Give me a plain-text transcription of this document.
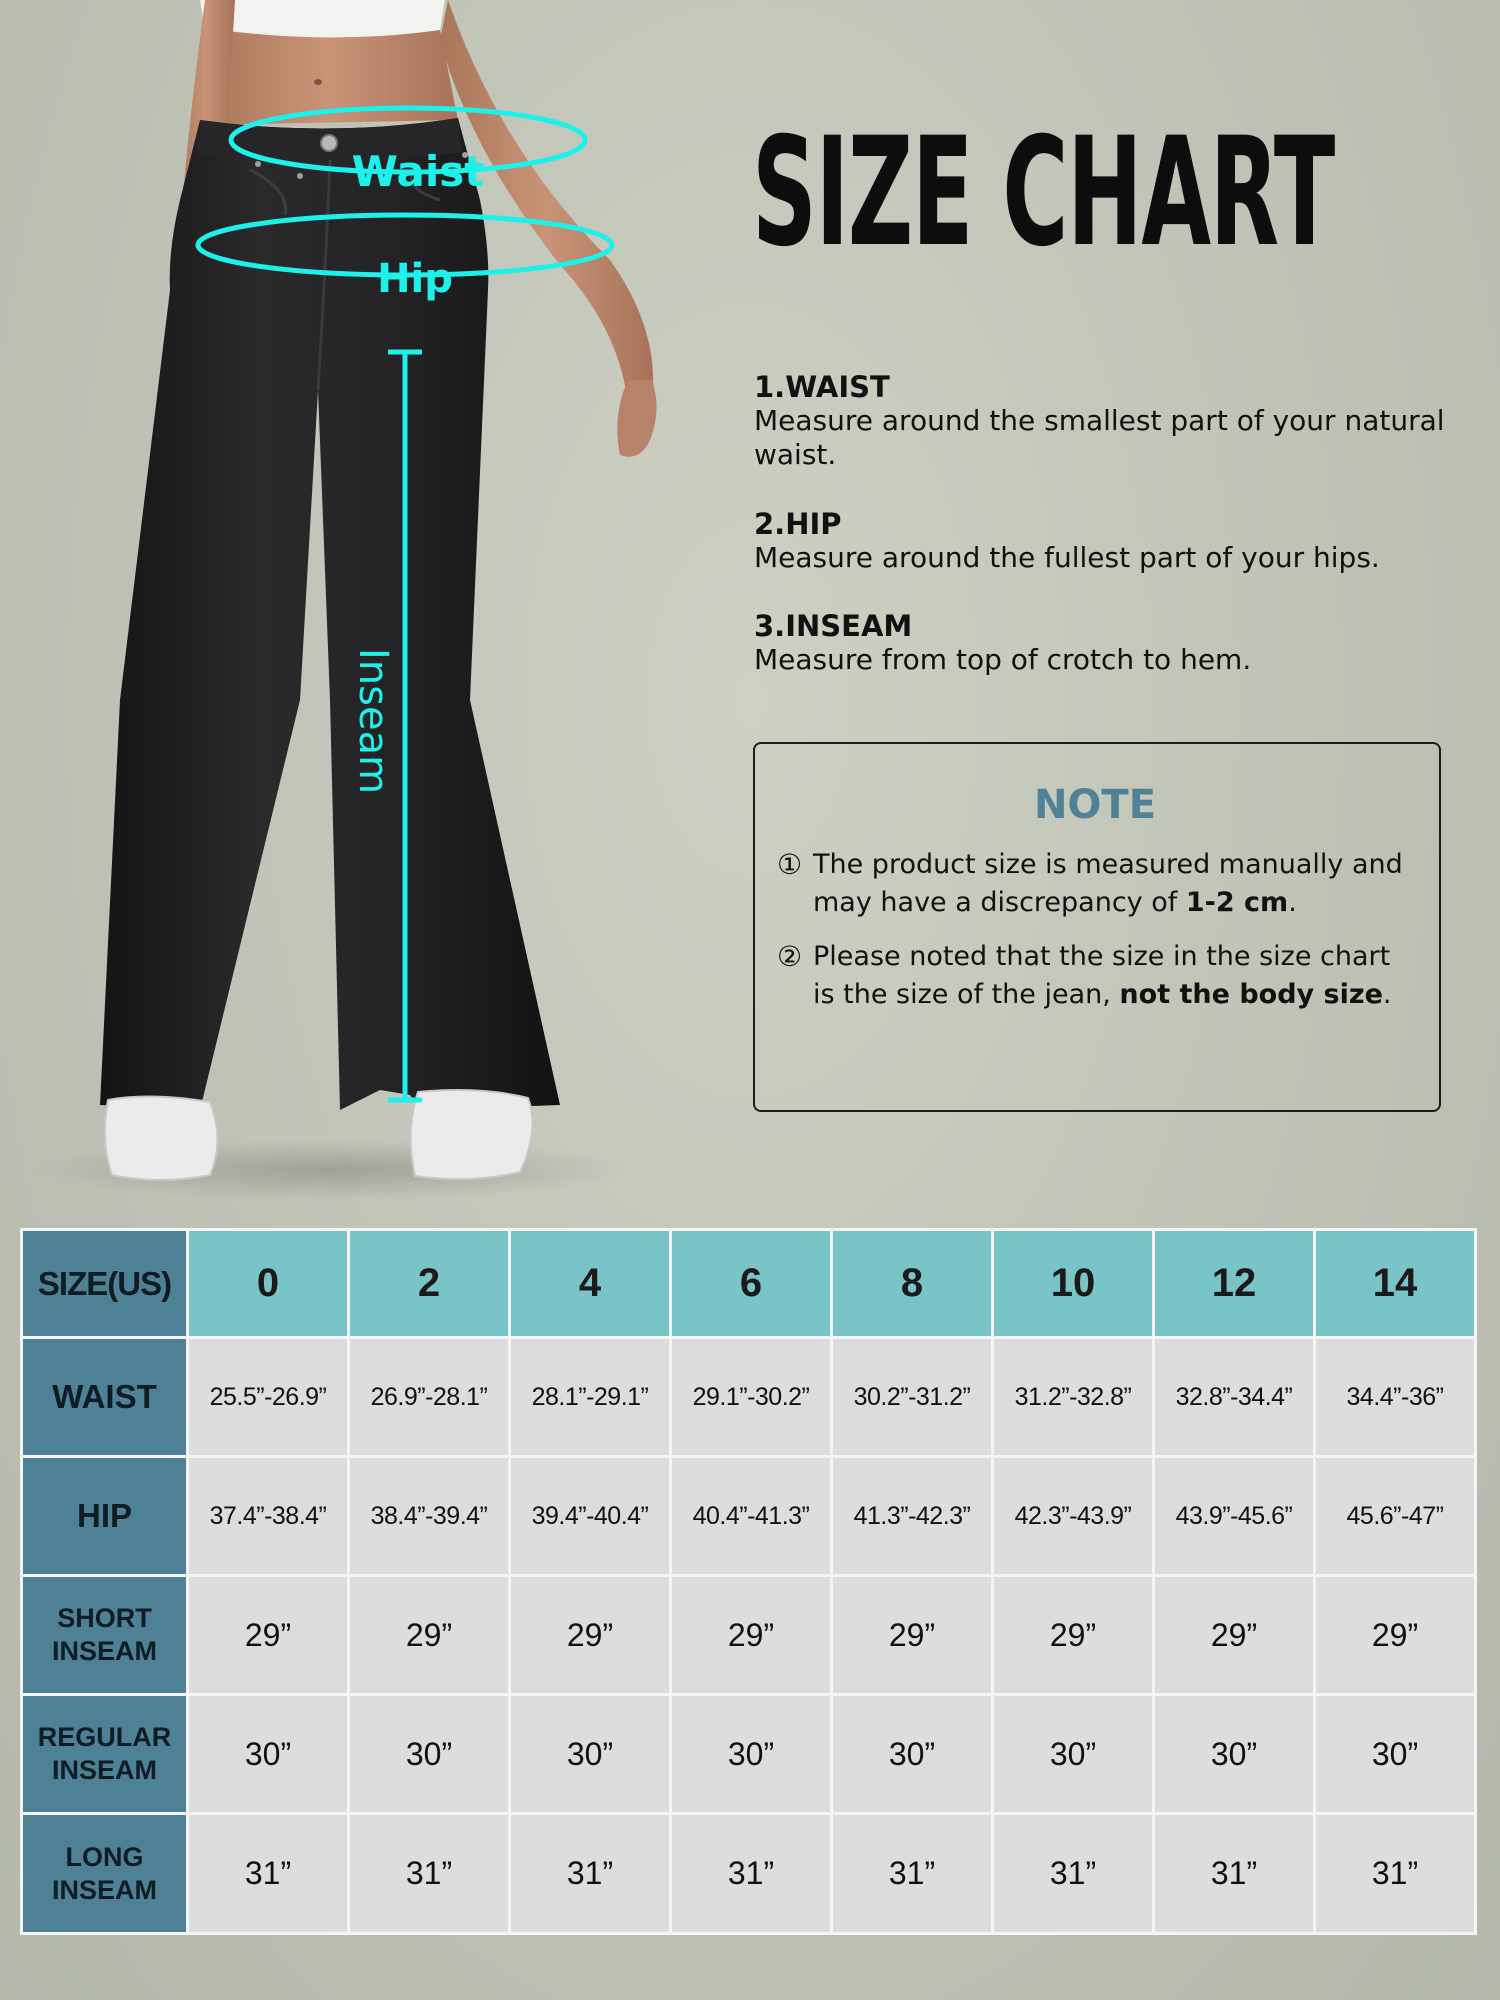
Waist
Hip
Inseam
SIZE CHART
1.WAIST
Measure around the smallest part of your natural waist.
2.HIP
Measure around the fullest part of your hips.
3.INSEAM
Measure from top of crotch to hem.
NOTE
① The product size is measured manually and may have a discrepancy of 1-2 cm.
② Please noted that the size in the size chart is the size of the jean, not the body size.
SIZE(US)	0	2	4	6	8	10	12	14
WAIST	25.5”-26.9”	26.9”-28.1”	28.1”-29.1”	29.1”-30.2”	30.2”-31.2”	31.2”-32.8”	32.8”-34.4”	34.4”-36”
HIP	37.4”-38.4”	38.4”-39.4”	39.4”-40.4”	40.4”-41.3”	41.3”-42.3”	42.3”-43.9”	43.9”-45.6”	45.6”-47”
SHORT
INSEAM	29”	29”	29”	29”	29”	29”	29”	29”
REGULAR
INSEAM	30”	30”	30”	30”	30”	30”	30”	30”
LONG
INSEAM	31”	31”	31”	31”	31”	31”	31”	31”
